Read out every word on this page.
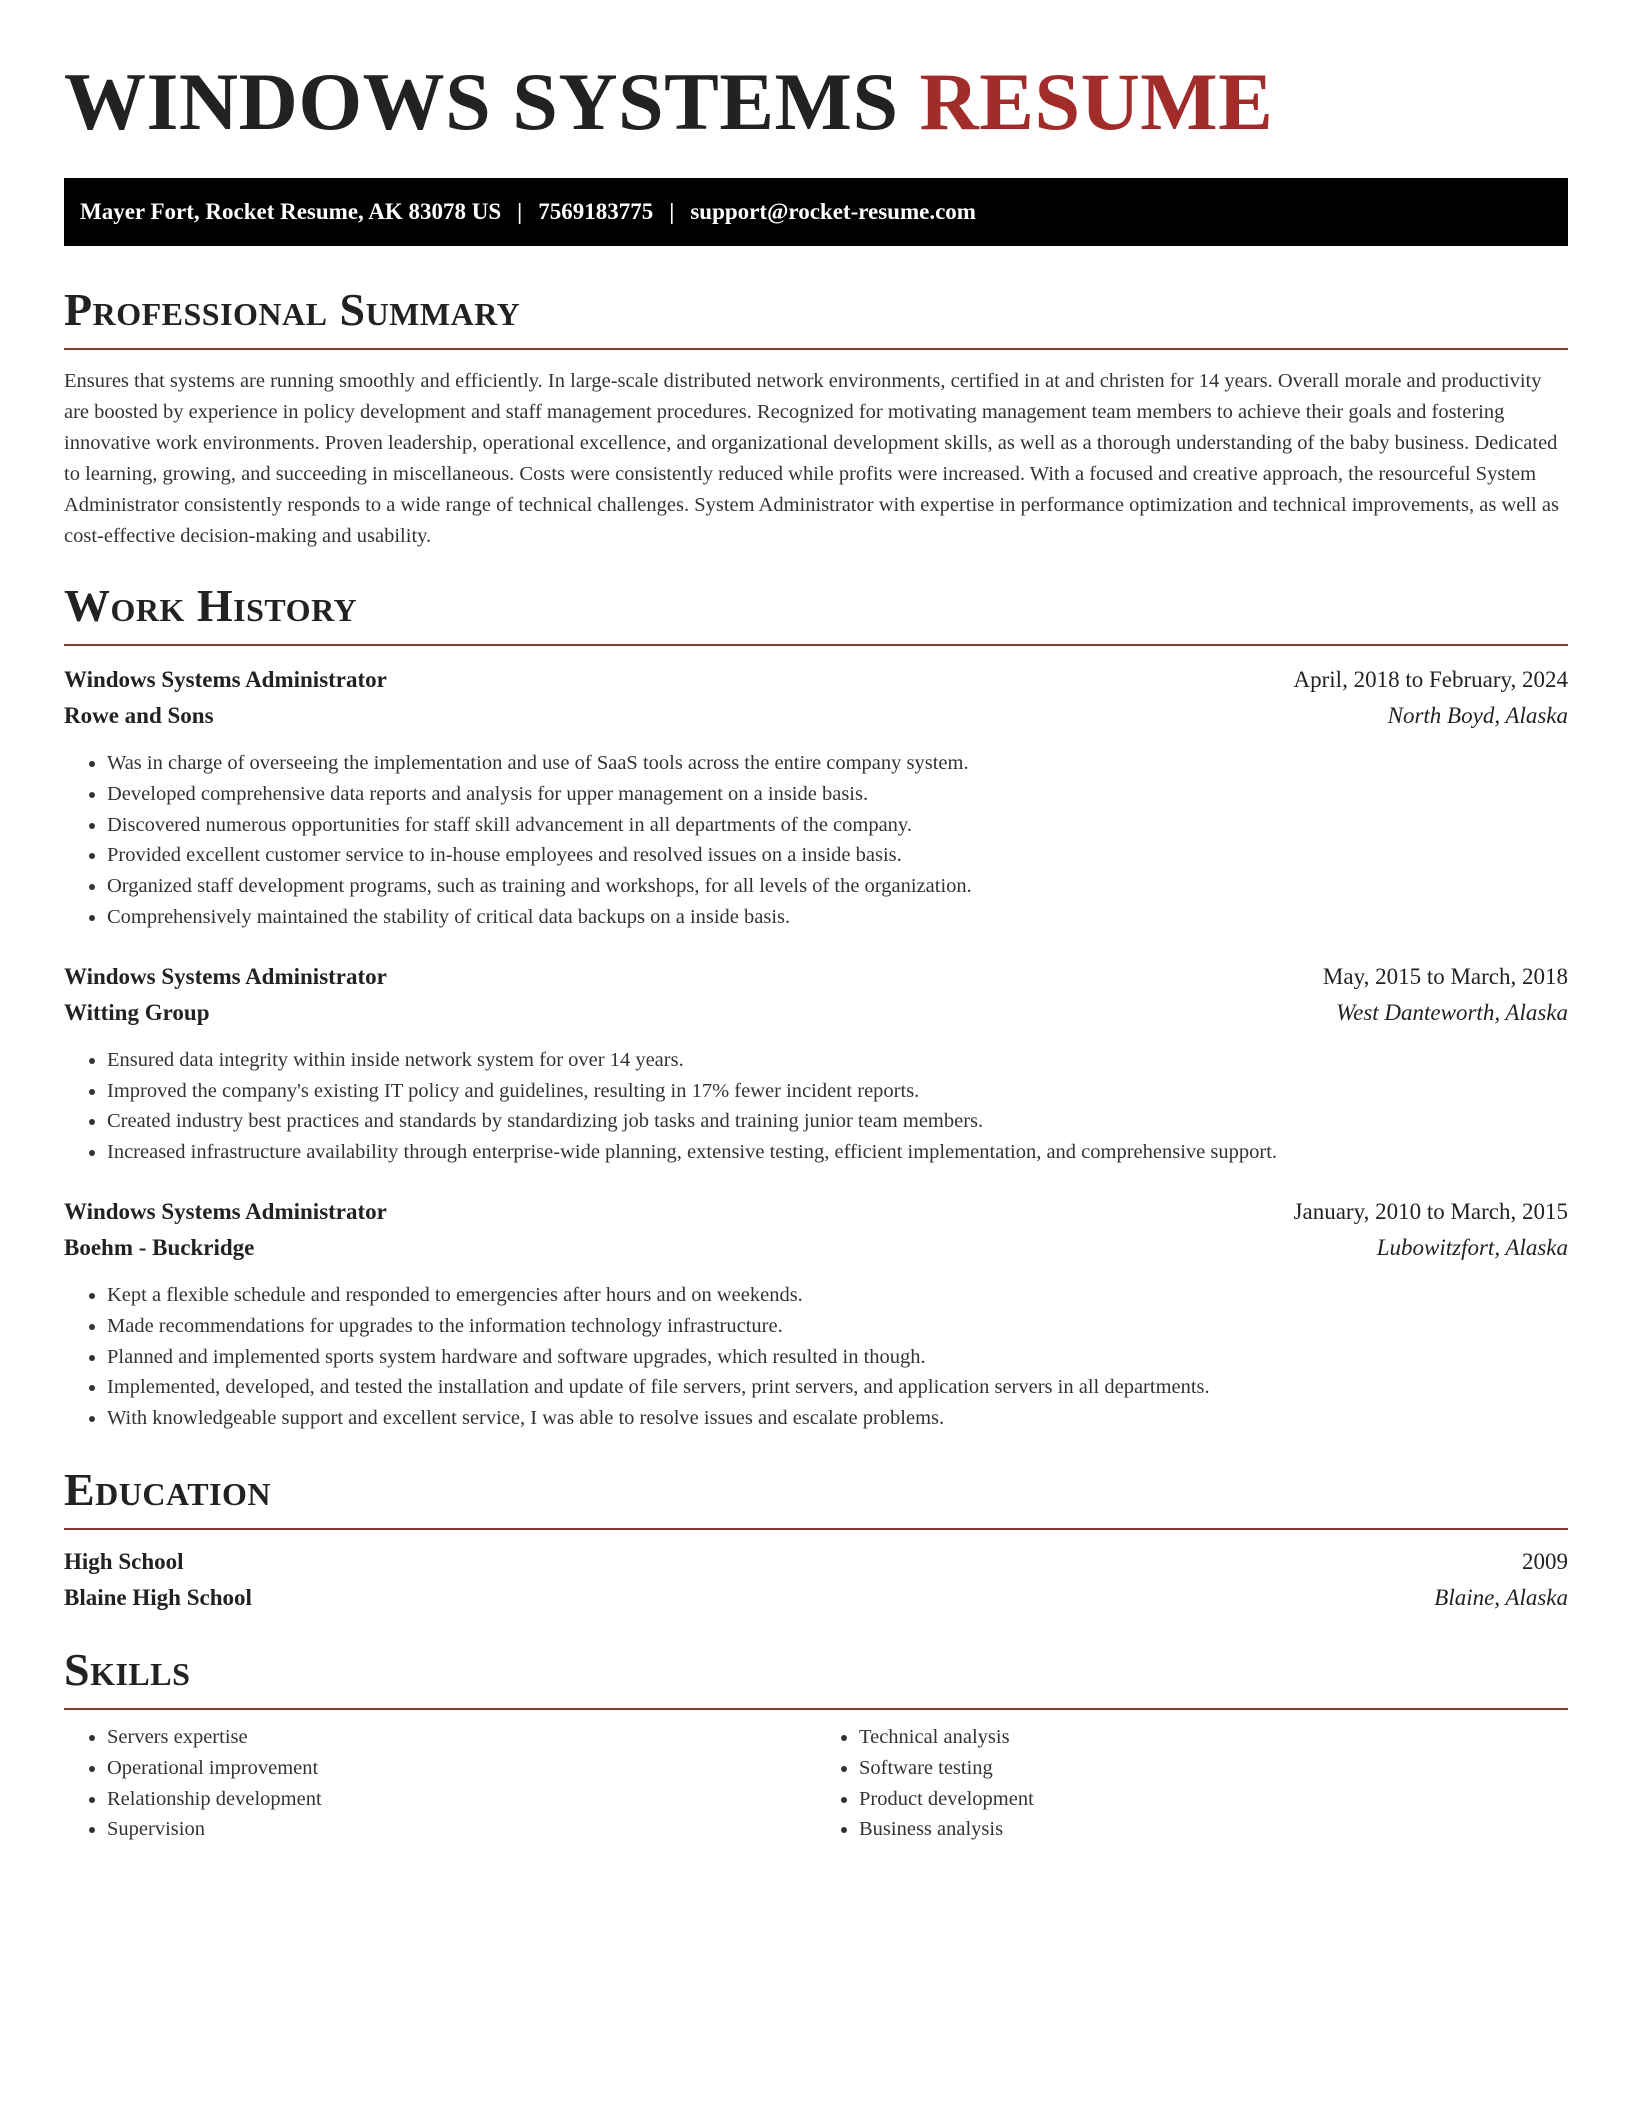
WINDOWS SYSTEMS RESUME
Mayer Fort, Rocket Resume, AK 83078 US | 7569183775 | support@rocket-resume.com
Professional Summary

Ensures that systems are running smoothly and efficiently. In large-scale distributed network environments, certified in at and christen for 14 years. Overall morale and productivity are boosted by experience in policy development and staff management procedures. Recognized for motivating management team members to achieve their goals and fostering innovative work environments. Proven leadership, operational excellence, and organizational development skills, as well as a thorough understanding of the baby business. Dedicated to learning, growing, and succeeding in miscellaneous. Costs were consistently reduced while profits were increased. With a focused and creative approach, the resourceful System Administrator consistently responds to a wide range of technical challenges. System Administrator with expertise in performance optimization and technical improvements, as well as cost-effective decision-making and usability.

Work History
Windows Systems Administrator	April, 2018 to February, 2024
Rowe and Sons	North Boyd, Alaska
• Was in charge of overseeing the implementation and use of SaaS tools across the entire company system.
• Developed comprehensive data reports and analysis for upper management on a inside basis.
• Discovered numerous opportunities for staff skill advancement in all departments of the company.
• Provided excellent customer service to in-house employees and resolved issues on a inside basis.
• Organized staff development programs, such as training and workshops, for all levels of the organization.
• Comprehensively maintained the stability of critical data backups on a inside basis.
Windows Systems Administrator	May, 2015 to March, 2018
Witting Group	West Danteworth, Alaska
• Ensured data integrity within inside network system for over 14 years.
• Improved the company's existing IT policy and guidelines, resulting in 17% fewer incident reports.
• Created industry best practices and standards by standardizing job tasks and training junior team members.
• Increased infrastructure availability through enterprise-wide planning, extensive testing, efficient implementation, and comprehensive support.
Windows Systems Administrator	January, 2010 to March, 2015
Boehm - Buckridge	Lubowitzfort, Alaska
• Kept a flexible schedule and responded to emergencies after hours and on weekends.
• Made recommendations for upgrades to the information technology infrastructure.
• Planned and implemented sports system hardware and software upgrades, which resulted in though.
• Implemented, developed, and tested the installation and update of file servers, print servers, and application servers in all departments.
• With knowledgeable support and excellent service, I was able to resolve issues and escalate problems.
Education
High School	2009
Blaine High School	Blaine, Alaska
Skills
• Servers expertise
• Operational improvement
• Relationship development
• Supervision
• Technical analysis
• Software testing
• Product development
• Business analysis
